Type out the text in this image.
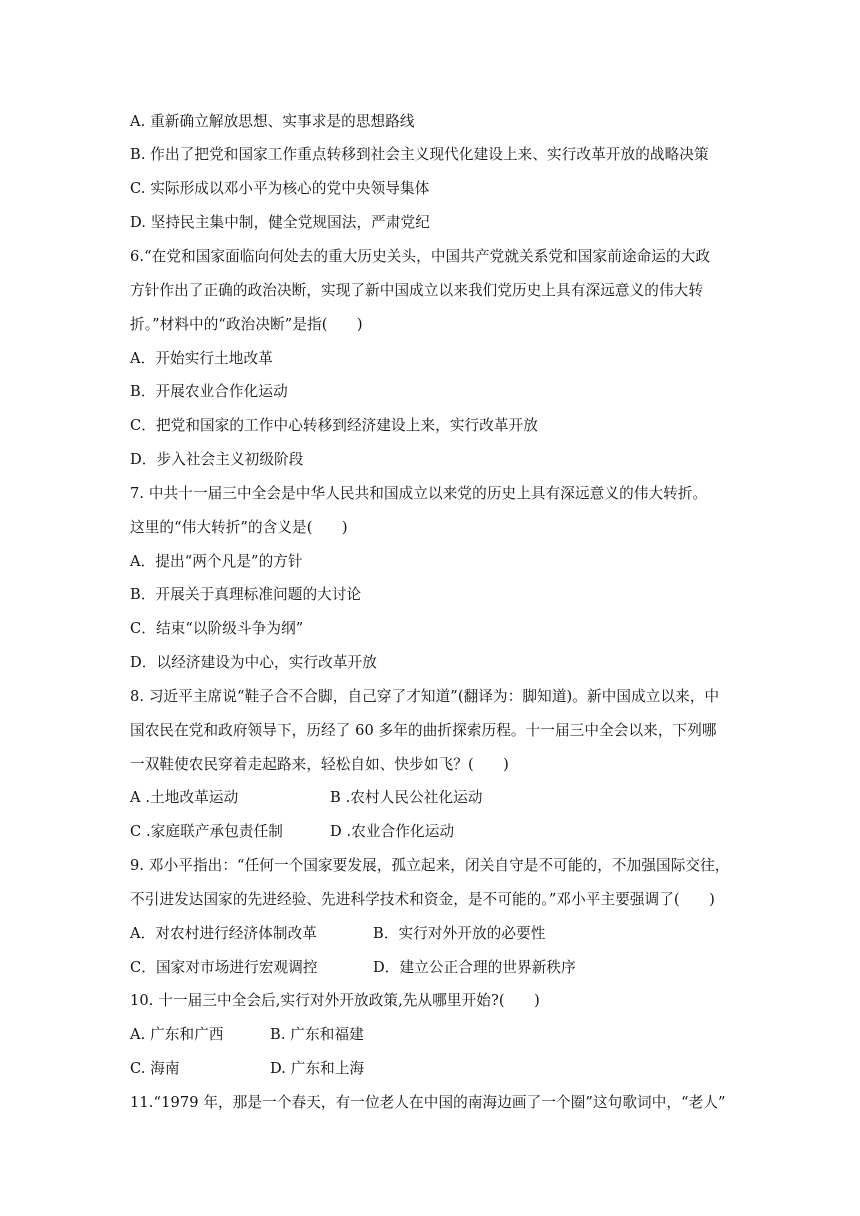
A. 重新确立解放思想、实事求是的思想路线
B. 作出了把党和国家工作重点转移到社会主义现代化建设上来、实行改革开放的战略决策
C. 实际形成以邓小平为核心的党中央领导集体
D. 坚持民主集中制，健全党规国法，严肃党纪
6.“在党和国家面临向何处去的重大历史关头，中国共产党就关系党和国家前途命运的大政
方针作出了正确的政治决断，实现了新中国成立以来我们党历史上具有深远意义的伟大转
折。”材料中的“政治决断”是指(　　)
A．开始实行土地改革
B．开展农业合作化运动
C．把党和国家的工作中心转移到经济建设上来，实行改革开放
D．步入社会主义初级阶段
7. 中共十一届三中全会是中华人民共和国成立以来党的历史上具有深远意义的伟大转折。
这里的“伟大转折”的含义是(　　)
A．提出“两个凡是”的方针
B．开展关于真理标准问题的大讨论
C．结束“以阶级斗争为纲”
D．以经济建设为中心，实行改革开放
8. 习近平主席说“鞋子合不合脚，自己穿了才知道”(翻译为：脚知道)。新中国成立以来，中
国农民在党和政府领导下，历经了 60 多年的曲折探索历程。十一届三中全会以来，下列哪
一双鞋使农民穿着走起路来，轻松自如、快步如飞？(　　)
A .土地改革运动	B .农村人民公社化运动
C .家庭联产承包责任制	D .农业合作化运动
9. 邓小平指出：“任何一个国家要发展，孤立起来，闭关自守是不可能的，不加强国际交往，
不引进发达国家的先进经验、先进科学技术和资金，是不可能的。”邓小平主要强调了(　　)
A．对农村进行经济体制改革	B．实行对外开放的必要性
C．国家对市场进行宏观调控	D．建立公正合理的世界新秩序
10. 十一届三中全会后,实行对外开放政策,先从哪里开始?(　　)
A. 广东和广西	B. 广东和福建
C. 海南	D. 广东和上海
11.“1979 年，那是一个春天，有一位老人在中国的南海边画了一个圈”这句歌词中，“老人”
